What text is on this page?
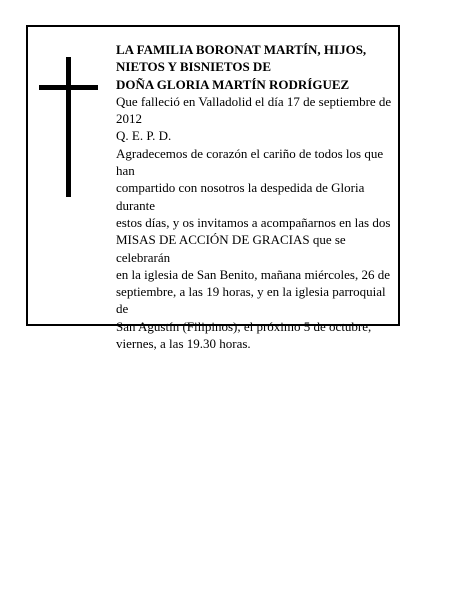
LA FAMILIA BORONAT MARTÍN, HIJOS,

NIETOS Y BISNIETOS DE

DOÑA GLORIA MARTÍN RODRÍGUEZ

Que falleció en Valladolid el día 17 de septiembre de

2012

Q. E. P. D.

Agradecemos de corazón el cariño de todos los que han

compartido con nosotros la despedida de Gloria durante

estos días, y os invitamos a acompañarnos en las dos

MISAS DE ACCIÓN DE GRACIAS que se celebrarán

en la iglesia de San Benito, mañana miércoles, 26 de

septiembre, a las 19 horas, y en la iglesia parroquial de

San Agustín (Filipinos), el próximo 5 de octubre,

viernes, a las 19.30 horas.
